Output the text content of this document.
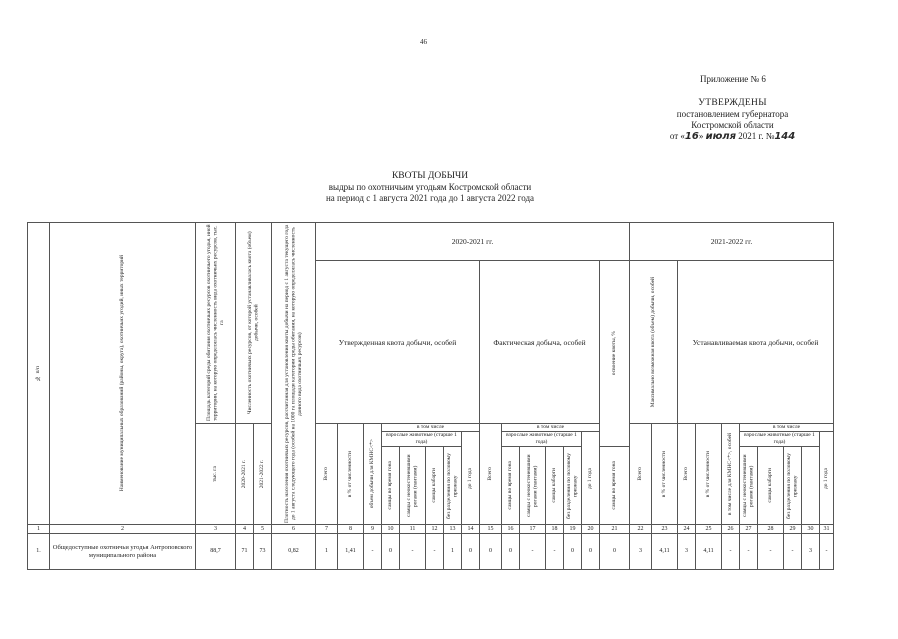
46
Приложение № 6
УТВЕРЖДЕНЫ
постановлением губернатора
Костромской области
от «16» июля 2021 г. №144
КВОТЫ ДОБЫЧИ
выдры по охотничьим угодьям Костромской области
на период с 1 августа 2021 года до 1 августа 2022 года
№ п/п	Наименование муниципальных образований (районы, округа), охотничьих угодий, иных территорий	Площадь категорий среды обитания охотничьих ресурсов охотничьего угодья, иной территории, на которую определялась численность вида охотничьих ресурсов, тыс. га	Численность охотничьих ресурсов, от которой устанавливалась квота (объем) добычи, особей		Плотность населения охотничьих ресурсов, рассчитанная для установления квоты добычи на период с 1 августа текущего года до 1 августа следующего года (особей на 1000 га площади категории среды обитания, на которую определялась численность данного вида охотничьих ресурсов)	2020-2021 гг.															2021-2022 гг.									
						Утвержденная квота добычи, особей								Фактическая добыча, особей						освоение квоты, %	Максимально возможная квота (объем) добычи, особей		Устанавливаемая квота добычи, особей							

		тыс. га	2020-2021 г.	2021-2022 г.		Всего	в % от численности	объем добычи для КМНС<*>	в том числе					Всего	в том числе						Всего	в % от численности	Всего	в % от численности	в том числе для КМНС<*>, особей	в том числе				
									взрослые животные (старше 1 года)				до 1 года		взрослые животные (старше 1 года)				до 1 года							взрослые животные (старше 1 года)				до 1 года

									самцы во время гона	самцы с неокостеневшими рогами (пантами)	самцы кабарги	без разделения по половому признаку			самцы во время гона	самцы с неокостеневшими рогами (пантами)	самцы кабарги	без разделения по половому признаку		самцы во время гона						самцы с неокостеневшими рогами (пантами)	самцы кабарги	без разделения по половому признаку		

1	2	3	4	5	6	7	8	9	10	11	12	13	14	15	16	17	18	19	20	21	22	23	24	25	26	27	28	29	30	31
1.	Общедоступные охотничьи угодья Антроповского муниципального района	88,7	71	73	0,82	1	1,41	-	0	-	-	1	0	0	0	-	-	0	0	0	3	4,11	3	4,11	-	-	-	-	3	-
